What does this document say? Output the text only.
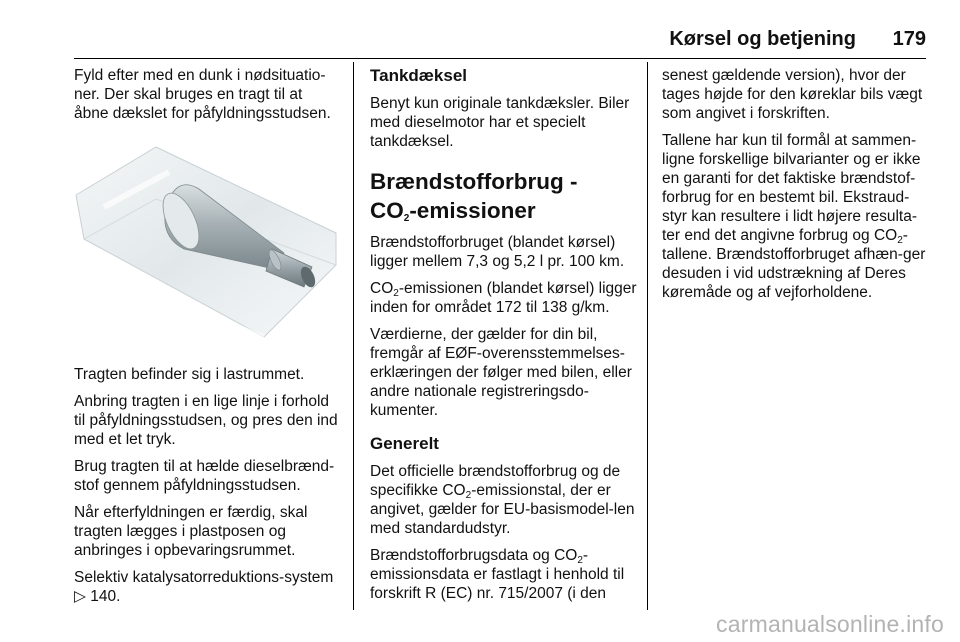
Kørsel og betjening 179

Fyld efter med en dunk i nødsituatio-ner. Der skal bruges en tragt til at åbne dækslet for påfyldningsstudsen.

Tragten befinder sig i lastrummet.

Anbring tragten i en lige linje i forhold til påfyldningsstudsen, og pres den ind med et let tryk.

Brug tragten til at hælde dieselbrænd-stof gennem påfyldningsstudsen.

Når efterfyldningen er færdig, skal tragten lægges i plastposen og anbringes i opbevaringsrummet.

Selektiv katalysatorreduktions-system ▷ 140.

Tankdæksel

Benyt kun originale tankdæksler. Biler med dieselmotor har et specielt tankdæksel.

Brændstofforbrug -
$CO_2$-emissioner

Brændstofforbruget (blandet kørsel) ligger mellem 7,3 og 5,2 l pr. 100 km.

$CO_2$-emissionen (blandet kørsel) ligger inden for området 172 til 138 g/km.

Værdierne, der gælder for din bil, fremgår af EØF-overensstemmelses-erklæringen der følger med bilen, eller andre nationale registreringsdo-kumenter.

Generelt

Det officielle brændstofforbrug og de specifikke $CO_2$-emissionstal, der er angivet, gælder for EU-basismodel-len med standardudstyr.

Brændstofforbrugsdata og $CO_2$-emissionsdata er fastlagt i henhold til forskrift R (EC) nr. 715/2007 (i den

senest gældende version), hvor der tages højde for den køreklar bils vægt som angivet i forskriften.

Tallene har kun til formål at sammen-ligne forskellige bilvarianter og er ikke en garanti for det faktiske brændstof-forbrug for en bestemt bil. Ekstraud-styr kan resultere i lidt højere resulta-ter end det angivne forbrug og $CO_2$-tallene. Brændstofforbruget afhæn-ger desuden i vid udstrækning af Deres køremåde og af vejforholdene.

carmanualsonline.info
